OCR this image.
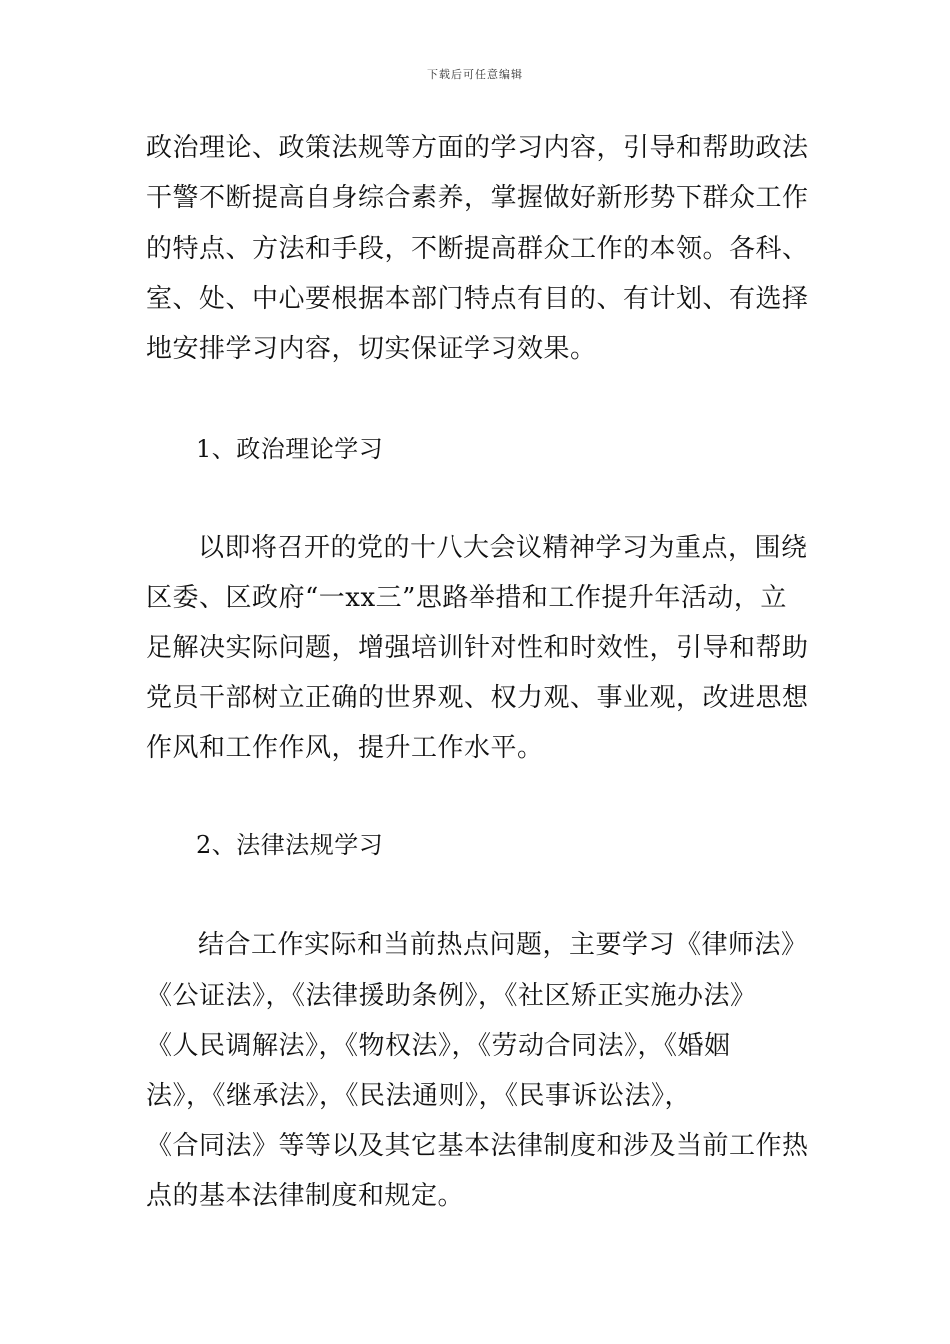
下载后可任意编辑
政治理论、政策法规等方面的学习内容，引导和帮助政法
干警不断提高自身综合素养，掌握做好新形势下群众工作
的特点、方法和手段，不断提高群众工作的本领。各科、
室、处、中心要根据本部门特点有目的、有计划、有选择
地安排学习内容，切实保证学习效果。
1、政治理论学习
以即将召开的党的十八大会议精神学习为重点，围绕
区委、区政府“一xx三”思路举措和工作提升年活动，立
足解决实际问题，增强培训针对性和时效性，引导和帮助
党员干部树立正确的世界观、权力观、事业观，改进思想
作风和工作作风，提升工作水平。
2、法律法规学习
结合工作实际和当前热点问题，主要学习《律师法》
《公证法》，《法律援助条例》，《社区矫正实施办法》
《人民调解法》，《物权法》，《劳动合同法》，《婚姻
法》，《继承法》，《民法通则》，《民事诉讼法》，
《合同法》等等以及其它基本法律制度和涉及当前工作热
点的基本法律制度和规定。
